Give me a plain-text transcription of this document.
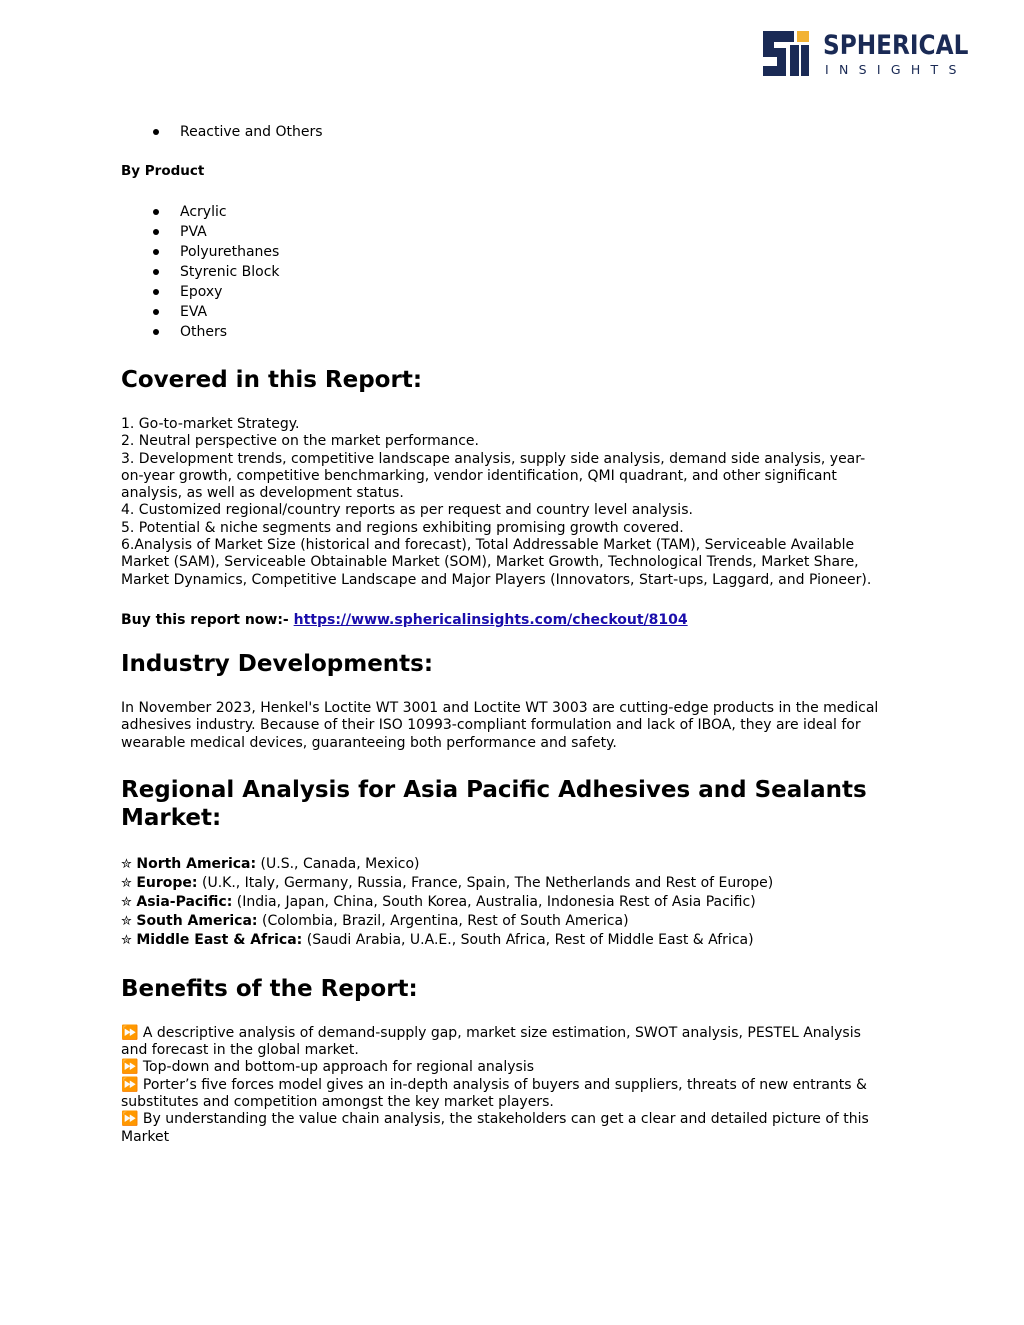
SPHERICAL
INSIGHTS
Reactive and Others
By Product
Acrylic
PVA
Polyurethanes
Styrenic Block
Epoxy
EVA
Others
Covered in this Report:
1. Go-to-market Strategy.
2. Neutral perspective on the market performance.
3. Development trends, competitive landscape analysis, supply side analysis, demand side analysis, year-
on-year growth, competitive benchmarking, vendor identification, QMI quadrant, and other significant
analysis, as well as development status.
4. Customized regional/country reports as per request and country level analysis.
5. Potential & niche segments and regions exhibiting promising growth covered.
6.Analysis of Market Size (historical and forecast), Total Addressable Market (TAM), Serviceable Available
Market (SAM), Serviceable Obtainable Market (SOM), Market Growth, Technological Trends, Market Share,
Market Dynamics, Competitive Landscape and Major Players (Innovators, Start-ups, Laggard, and Pioneer).
Buy this report now:- https://www.sphericalinsights.com/checkout/8104
Industry Developments:
In November 2023, Henkel's Loctite WT 3001 and Loctite WT 3003 are cutting-edge products in the medical
adhesives industry. Because of their ISO 10993-compliant formulation and lack of IBOA, they are ideal for
wearable medical devices, guaranteeing both performance and safety.
Regional Analysis for Asia Pacific Adhesives and Sealants
Market:
✮ North America: (U.S., Canada, Mexico)
✮ Europe: (U.K., Italy, Germany, Russia, France, Spain, The Netherlands and Rest of Europe)
✮ Asia-Pacific: (India, Japan, China, South Korea, Australia, Indonesia Rest of Asia Pacific)
✮ South America: (Colombia, Brazil, Argentina, Rest of South America)
✮ Middle East & Africa: (Saudi Arabia, U.A.E., South Africa, Rest of Middle East & Africa)
Benefits of the Report:
⏩ A descriptive analysis of demand-supply gap, market size estimation, SWOT analysis, PESTEL Analysis
and forecast in the global market.
⏩ Top-down and bottom-up approach for regional analysis
⏩ Porter’s five forces model gives an in-depth analysis of buyers and suppliers, threats of new entrants &
substitutes and competition amongst the key market players.
⏩ By understanding the value chain analysis, the stakeholders can get a clear and detailed picture of this
Market
